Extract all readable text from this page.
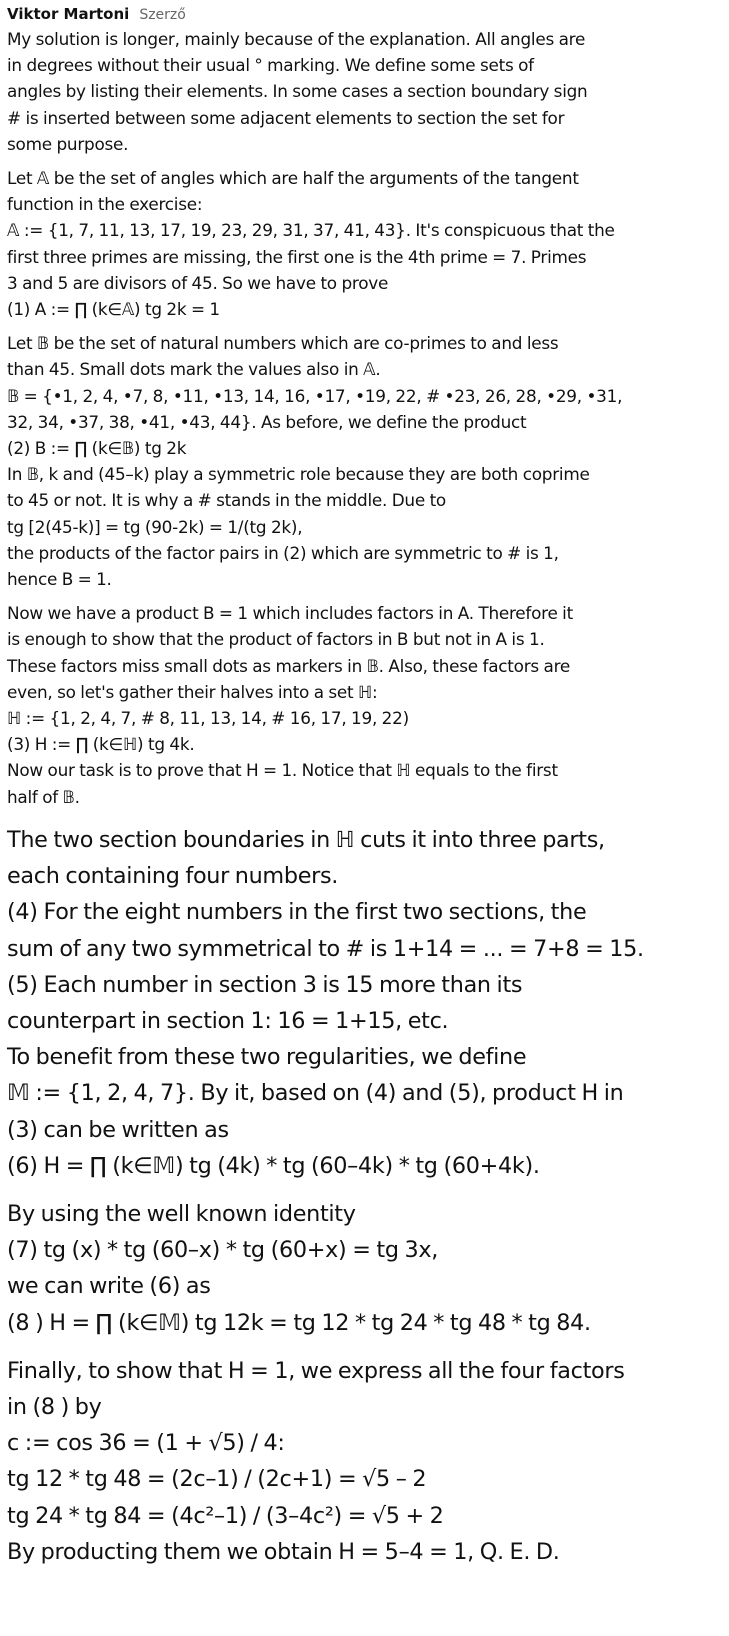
Viktor Martoni Szerző
My solution is longer, mainly because of the explanation. All angles are
in degrees without their usual ° marking. We define some sets of
angles by listing their elements. In some cases a section boundary sign
# is inserted between some adjacent elements to section the set for
some purpose.
Let 𝔸 be the set of angles which are half the arguments of the tangent
function in the exercise:
𝔸 := {1, 7, 11, 13, 17, 19, 23, 29, 31, 37, 41, 43}. It's conspicuous that the
first three primes are missing, the first one is the 4th prime = 7. Primes
3 and 5 are divisors of 45. So we have to prove
(1) A := ∏ (k∈𝔸) tg 2k = 1
Let 𝔹 be the set of natural numbers which are co-primes to and less
than 45. Small dots mark the values also in 𝔸.
𝔹 = {•1, 2, 4, •7, 8, •11, •13, 14, 16, •17, •19, 22, # •23, 26, 28, •29, •31,
32, 34, •37, 38, •41, •43, 44}. As before, we define the product
(2) B := ∏ (k∈𝔹) tg 2k
In 𝔹, k and (45–k) play a symmetric role because they are both coprime
to 45 or not. It is why a # stands in the middle. Due to
tg [2(45-k)] = tg (90-2k) = 1/(tg 2k),
the products of the factor pairs in (2) which are symmetric to # is 1,
hence B = 1.
Now we have a product B = 1 which includes factors in A. Therefore it
is enough to show that the product of factors in B but not in A is 1.
These factors miss small dots as markers in 𝔹. Also, these factors are
even, so let's gather their halves into a set ℍ:
ℍ := {1, 2, 4, 7, # 8, 11, 13, 14, # 16, 17, 19, 22)
(3) H := ∏ (k∈ℍ) tg 4k.
Now our task is to prove that H = 1. Notice that ℍ equals to the first
half of 𝔹.
The two section boundaries in ℍ cuts it into three parts,
each containing four numbers.
(4) For the eight numbers in the first two sections, the
sum of any two symmetrical to # is 1+14 = ... = 7+8 = 15.
(5) Each number in section 3 is 15 more than its
counterpart in section 1: 16 = 1+15, etc.
To benefit from these two regularities, we define
𝕄 := {1, 2, 4, 7}. By it, based on (4) and (5), product H in
(3) can be written as
(6) H = ∏ (k∈𝕄) tg (4k) * tg (60–4k) * tg (60+4k).
By using the well known identity
(7) tg (x) * tg (60–x) * tg (60+x) = tg 3x,
we can write (6) as
(8 ) H = ∏ (k∈𝕄) tg 12k = tg 12 * tg 24 * tg 48 * tg 84.
Finally, to show that H = 1, we express all the four factors
in (8 ) by
c := cos 36 = (1 + √5) / 4:
tg 12 * tg 48 = (2c–1) / (2c+1) = √5 – 2
tg 24 * tg 84 = (4c²–1) / (3–4c²) = √5 + 2
By producting them we obtain H = 5–4 = 1, Q. E. D.
